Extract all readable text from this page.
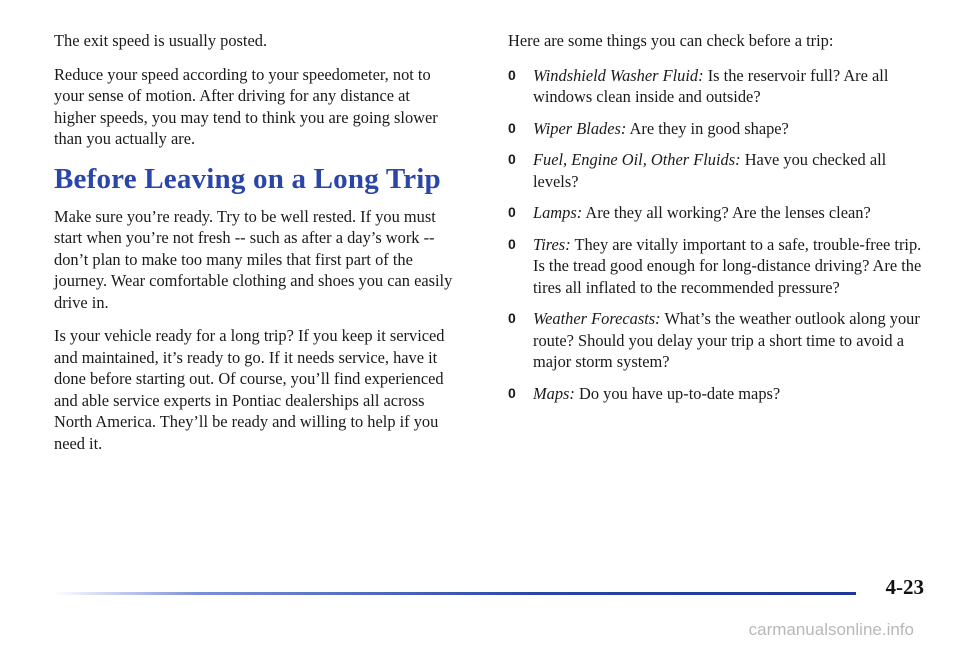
The exit speed is usually posted.

Reduce your speed according to your speedometer, not to your sense of motion. After driving for any distance at higher speeds, you may tend to think you are going slower than you actually are.

Before Leaving on a Long Trip

Make sure you’re ready. Try to be well rested. If you must start when you’re not fresh -- such as after a day’s work -- don’t plan to make too many miles that first part of the journey. Wear comfortable clothing and shoes you can easily drive in.

Is your vehicle ready for a long trip? If you keep it serviced and maintained, it’s ready to go. If it needs service, have it done before starting out. Of course, you’ll find experienced and able service experts in Pontiac dealerships all across North America. They’ll be ready and willing to help if you need it.

Here are some things you can check before a trip:

0 Windshield Washer Fluid: Is the reservoir full? Are all windows clean inside and outside?
0 Wiper Blades: Are they in good shape?
0 Fuel, Engine Oil, Other Fluids: Have you checked all levels?
0 Lamps: Are they all working? Are the lenses clean?
0 Tires: They are vitally important to a safe, trouble-free trip. Is the tread good enough for long-distance driving? Are the tires all inflated to the recommended pressure?
0 Weather Forecasts: What’s the weather outlook along your route? Should you delay your trip a short time to avoid a major storm system?
0 Maps: Do you have up-to-date maps?
4-23
carmanualsonline.info
